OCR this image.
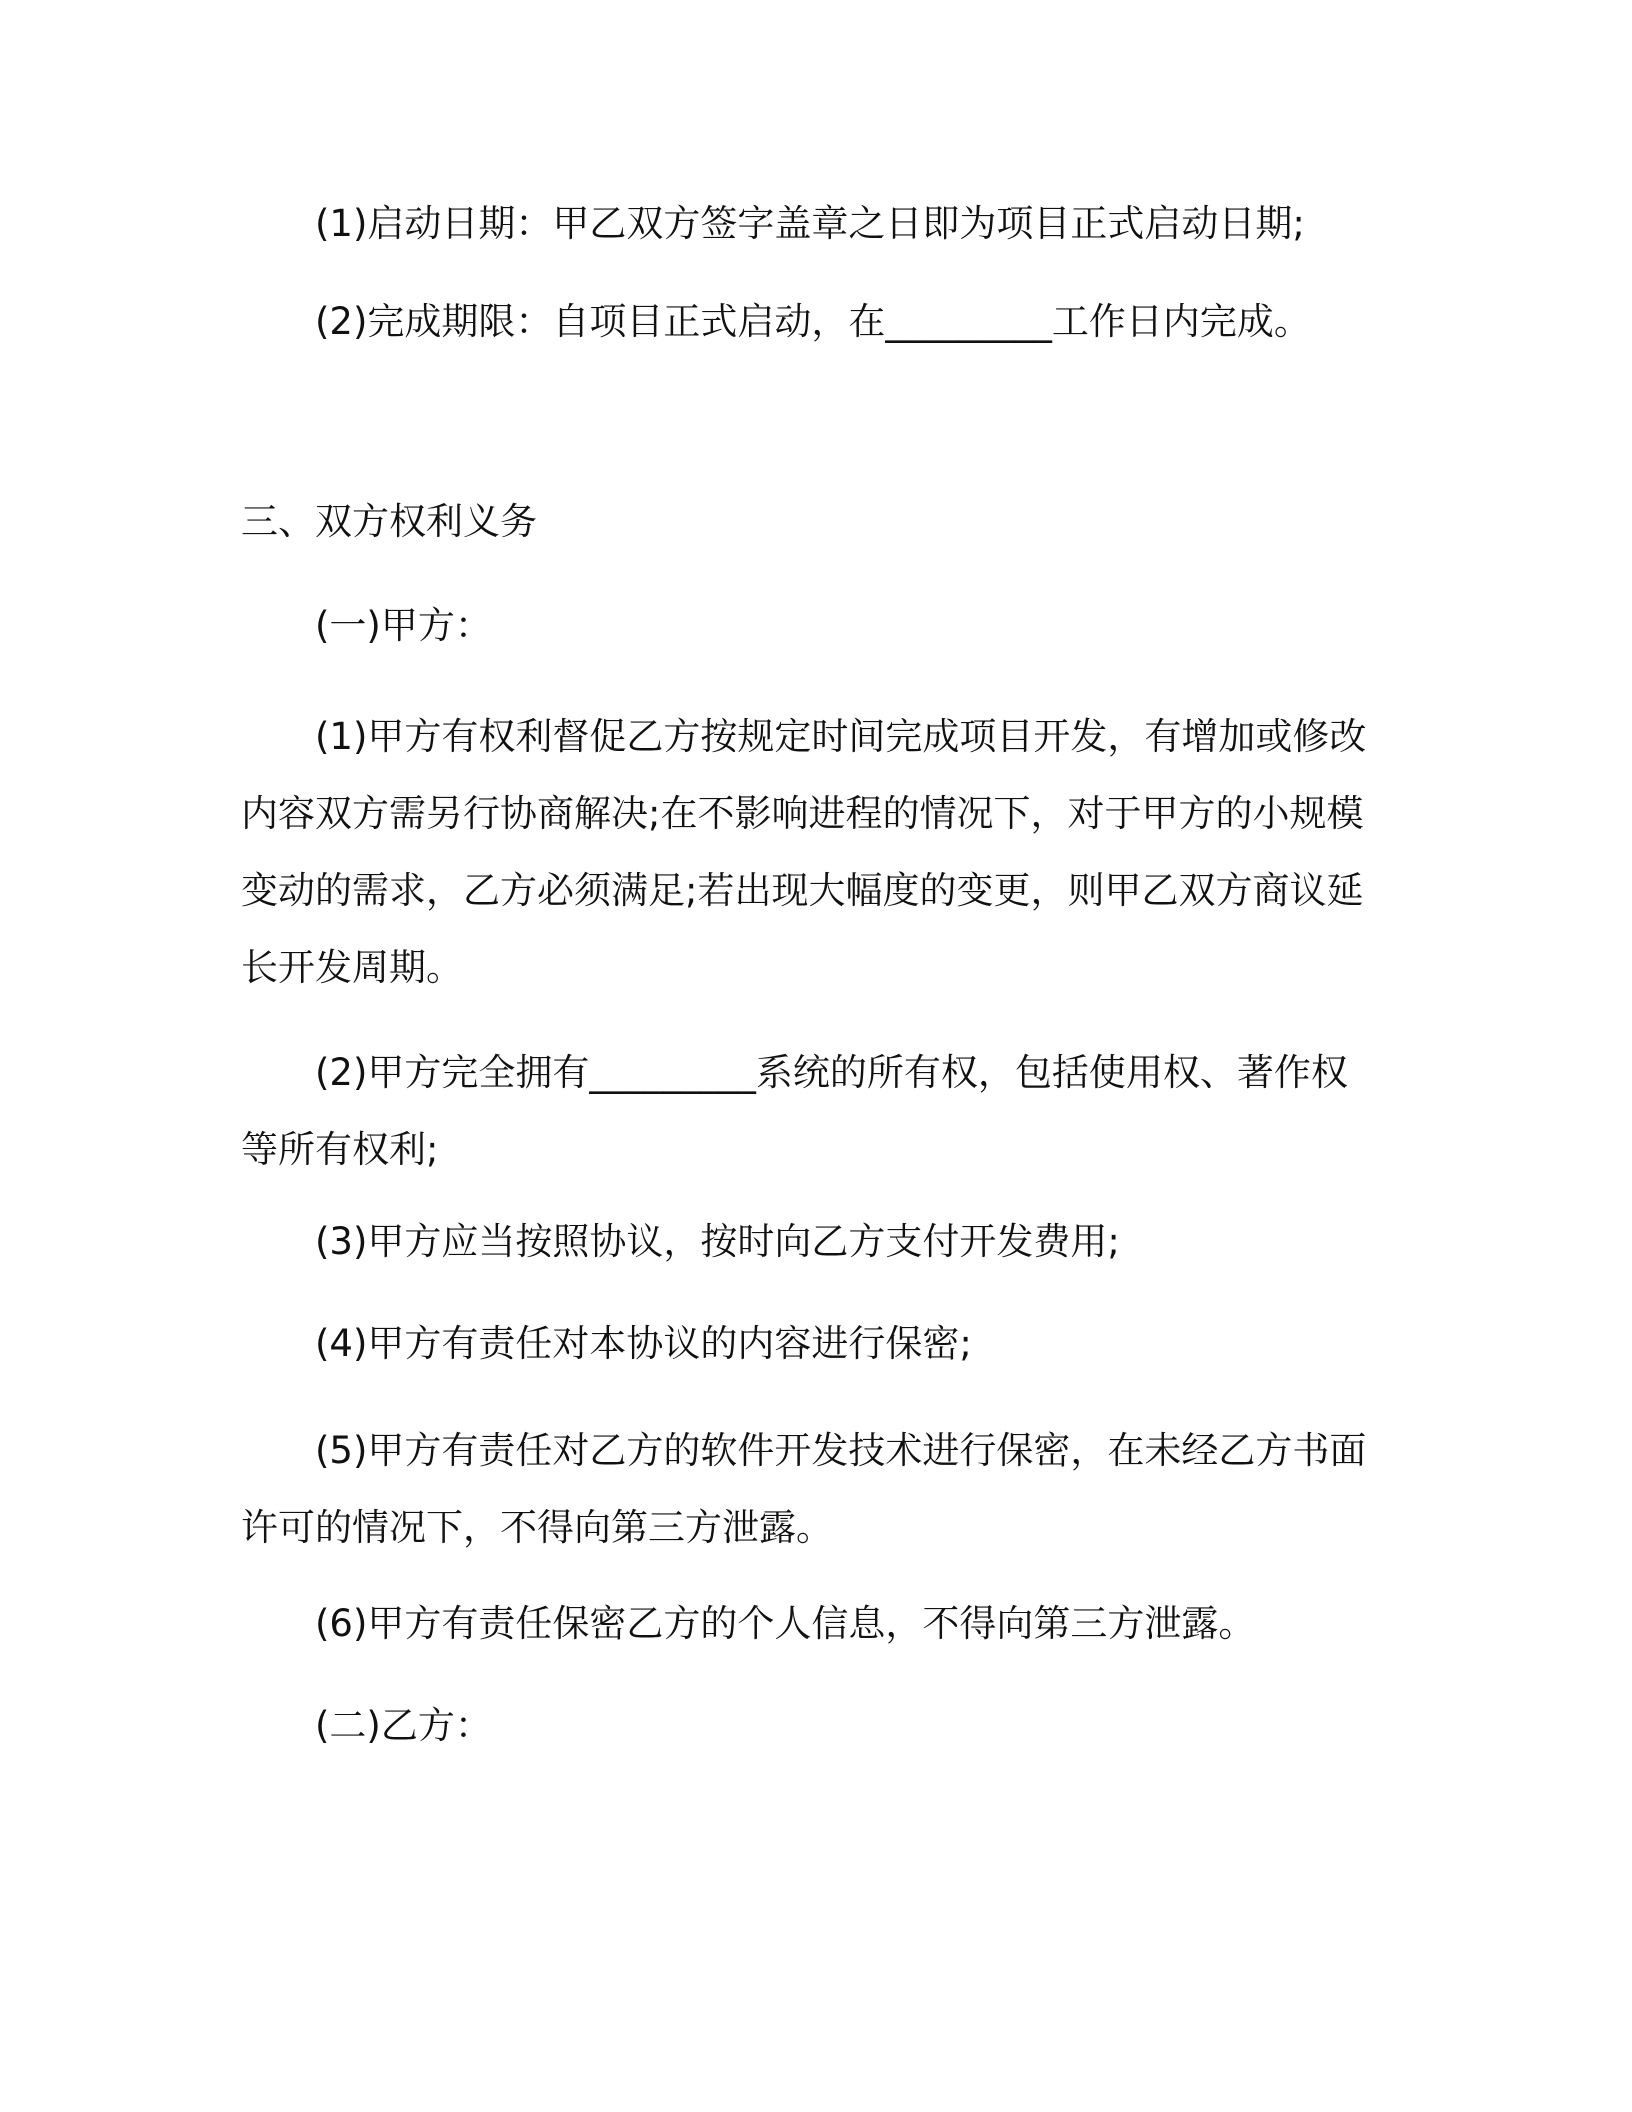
(1)启动日期：甲乙双方签字盖章之日即为项目正式启动日期;
(2)完成期限：自项目正式启动，在_________工作日内完成。
三、双方权利义务
(一)甲方：
(1)甲方有权利督促乙方按规定时间完成项目开发，有增加或修改内容双方需另行协商解决;在不影响进程的情况下，对于甲方的小规模变动的需求，乙方必须满足;若出现大幅度的变更，则甲乙双方商议延长开发周期。
(2)甲方完全拥有_________系统的所有权，包括使用权、著作权等所有权利;
(3)甲方应当按照协议，按时向乙方支付开发费用;
(4)甲方有责任对本协议的内容进行保密;
(5)甲方有责任对乙方的软件开发技术进行保密，在未经乙方书面许可的情况下，不得向第三方泄露。
(6)甲方有责任保密乙方的个人信息，不得向第三方泄露。
(二)乙方：
